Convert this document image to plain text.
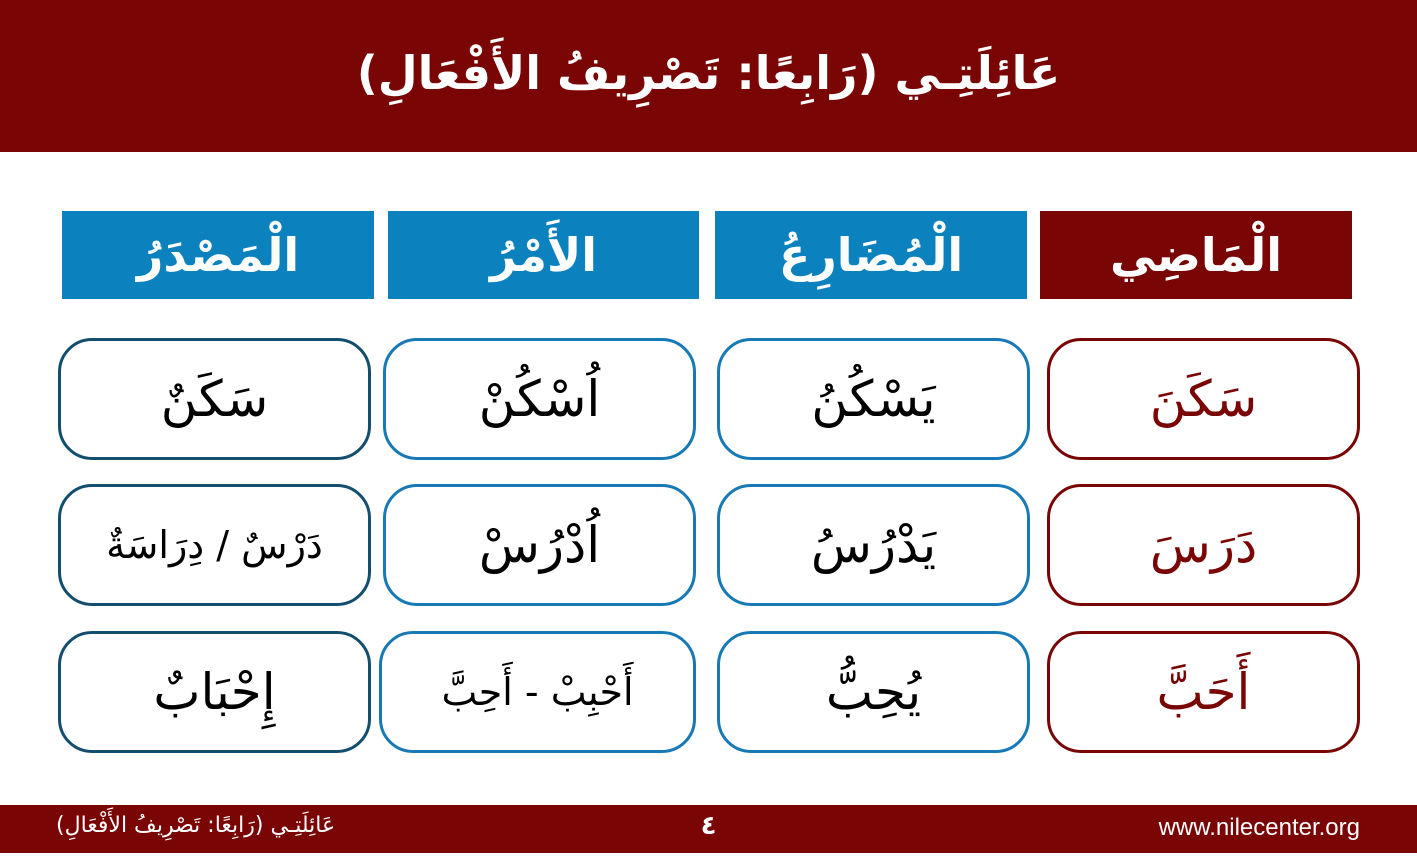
عَائِلَتِـي (رَابِعًا: تَصْرِيفُ الأَفْعَالِ)
الْمَصْدَرُ	الأَمْرُ	الْمُضَارِعُ	الْمَاضِي
سَكَنٌ	اُسْكُنْ	يَسْكُنُ	سَكَنَ
دَرْسٌ / دِرَاسَةٌ	اُدْرُسْ	يَدْرُسُ	دَرَسَ
إِحْبَابٌ	أَحْبِبْ - أَحِبَّ	يُحِبُّ	أَحَبَّ
عَائِلَتِـي (رَابِعًا: تَصْرِيفُ الأَفْعَالِ)	٤	www.nilecenter.org
